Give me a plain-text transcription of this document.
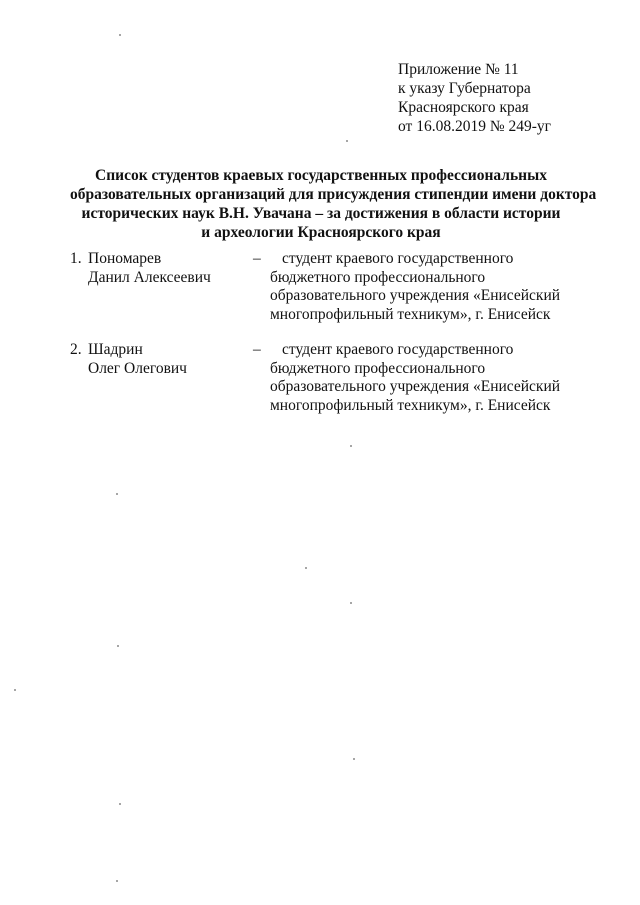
Приложение № 11
к указу Губернатора
Красноярского края
от 16.08.2019 № 249-уг
Список студентов краевых государственных профессиональных
образовательных организаций для присуждения стипендии имени доктора
исторических наук В.Н. Увачана – за достижения в области истории
и археологии Красноярского края
1. Пономарев
Данил Алексеевич
–	студент краевого государственного
бюджетного профессионального
образовательного учреждения «Енисейский
многопрофильный техникум», г. Енисейск
2. Шадрин
Олег Олегович
–	студент краевого государственного
бюджетного профессионального
образовательного учреждения «Енисейский
многопрофильный техникум», г. Енисейск
